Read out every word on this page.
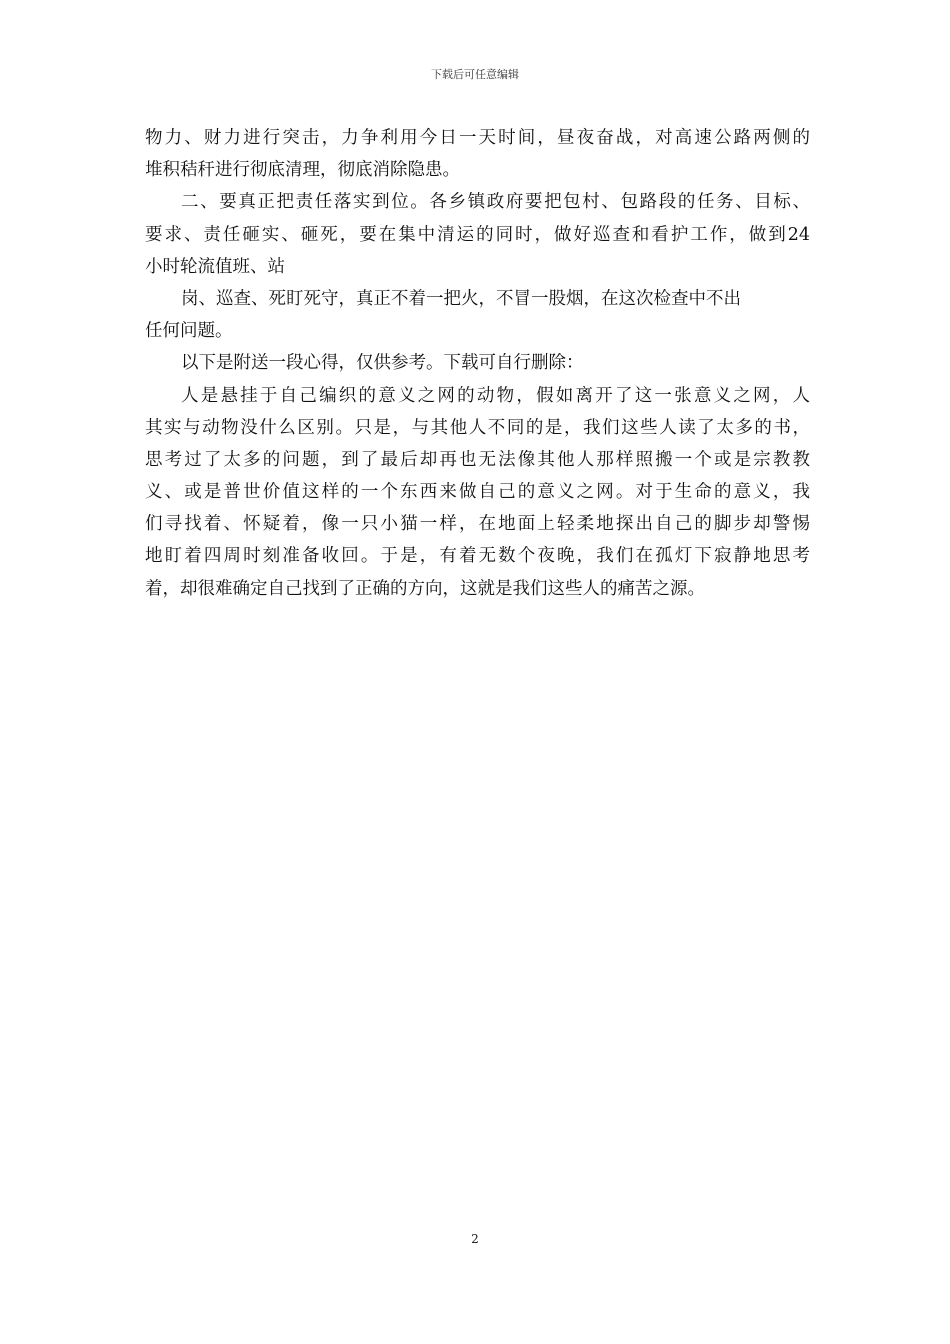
下载后可任意编辑
物力、财力进行突击，力争利用今日一天时间，昼夜奋战，对高速公路两侧的
堆积秸秆进行彻底清理，彻底消除隐患。
二、要真正把责任落实到位。各乡镇政府要把包村、包路段的任务、目标、
要求、责任砸实、砸死，要在集中清运的同时，做好巡查和看护工作，做到24
小时轮流值班、站
岗、巡查、死盯死守，真正不着一把火，不冒一股烟，在这次检查中不出
任何问题。
以下是附送一段心得，仅供参考。下载可自行删除：
人是悬挂于自己编织的意义之网的动物，假如离开了这一张意义之网，人
其实与动物没什么区别。只是，与其他人不同的是，我们这些人读了太多的书，
思考过了太多的问题，到了最后却再也无法像其他人那样照搬一个或是宗教教
义、或是普世价值这样的一个东西来做自己的意义之网。对于生命的意义，我
们寻找着、怀疑着，像一只小猫一样，在地面上轻柔地探出自己的脚步却警惕
地盯着四周时刻准备收回。于是，有着无数个夜晚，我们在孤灯下寂静地思考
着，却很难确定自己找到了正确的方向，这就是我们这些人的痛苦之源。
2
